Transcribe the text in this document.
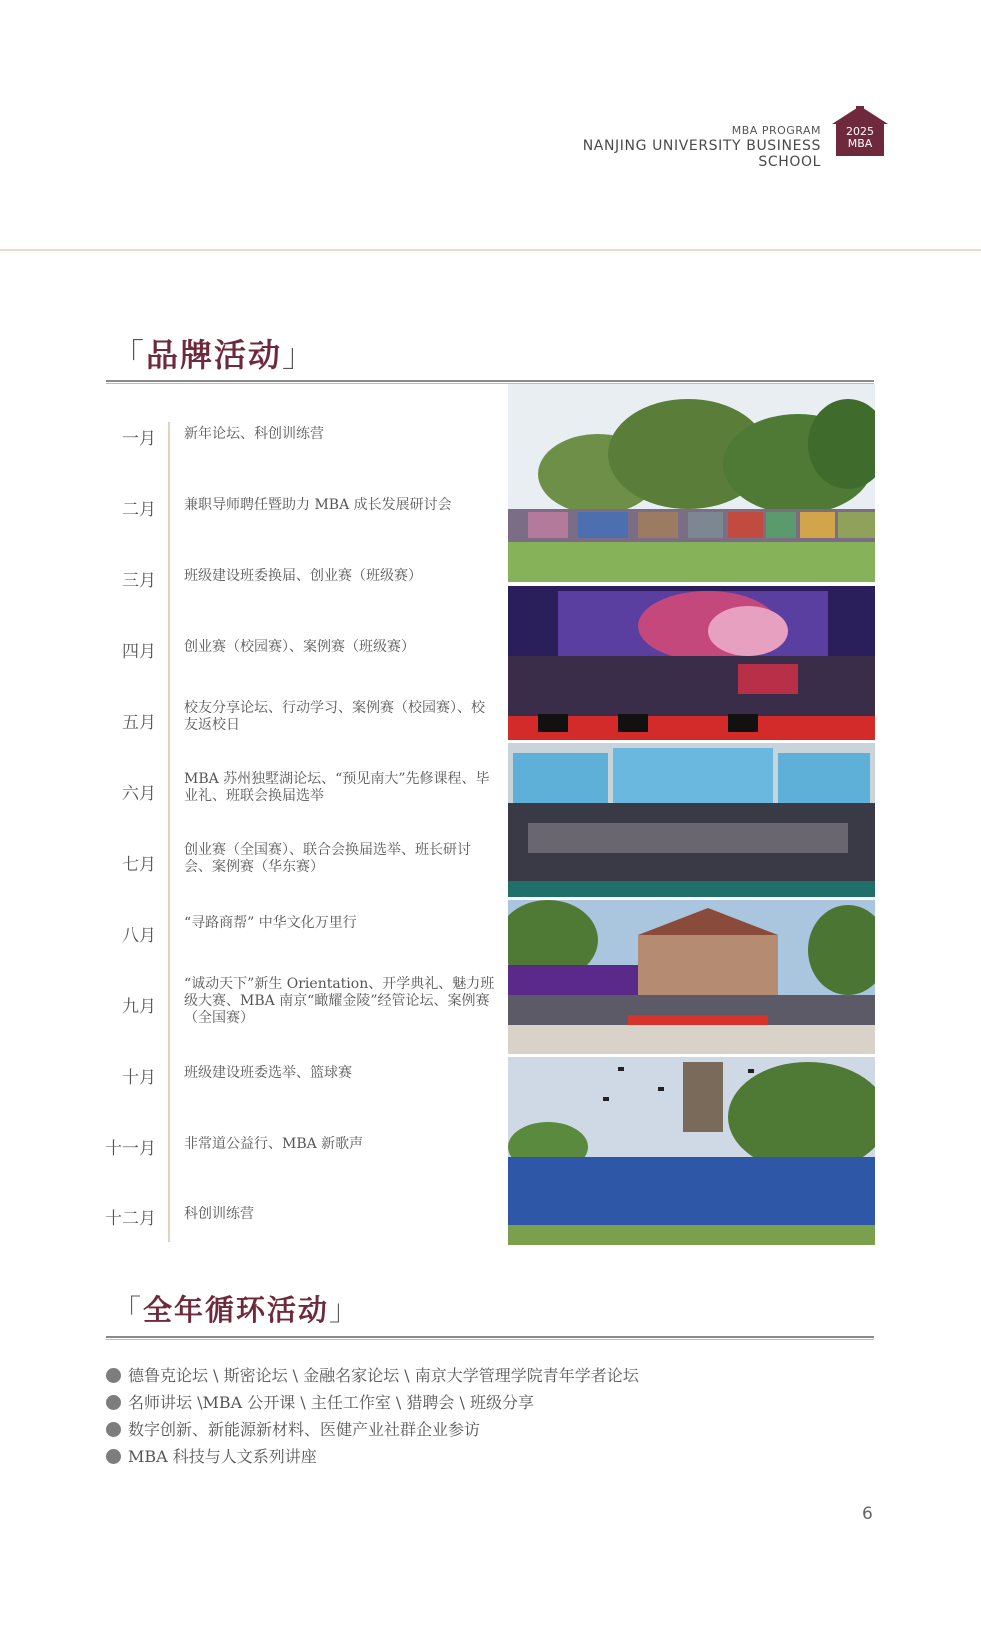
MBA PROGRAM
NANJING UNIVERSITY BUSINESS SCHOOL
2025
MBA
「品牌活动」
一月 新年论坛、科创训练营
二月 兼职导师聘任暨助力 MBA 成长发展研讨会
三月 班级建设班委换届、创业赛（班级赛）
四月 创业赛（校园赛）、案例赛（班级赛）
五月
校友分享论坛、行动学习、案例赛（校园赛）、校友返校日
六月
MBA 苏州独墅湖论坛、“预见南大”先修课程、毕业礼、班联会换届选举
七月
创业赛（全国赛）、联合会换届选举、班长研讨会、案例赛（华东赛）
八月
“寻路商帮” 中华文化万里行
九月
“诚动天下”新生 Orientation、开学典礼、魅力班级大赛、MBA 南京“瞰耀金陵”经管论坛、案例赛（全国赛）
十月 班级建设班委选举、篮球赛
十一月 非常道公益行、MBA 新歌声
十二月 科创训练营
「全年循环活动」
德鲁克论坛 \ 斯密论坛 \ 金融名家论坛 \ 南京大学管理学院青年学者论坛
名师讲坛 \MBA 公开课 \ 主任工作室 \ 猎聘会 \ 班级分享
数字创新、新能源新材料、医健产业社群企业参访
MBA 科技与人文系列讲座
6
